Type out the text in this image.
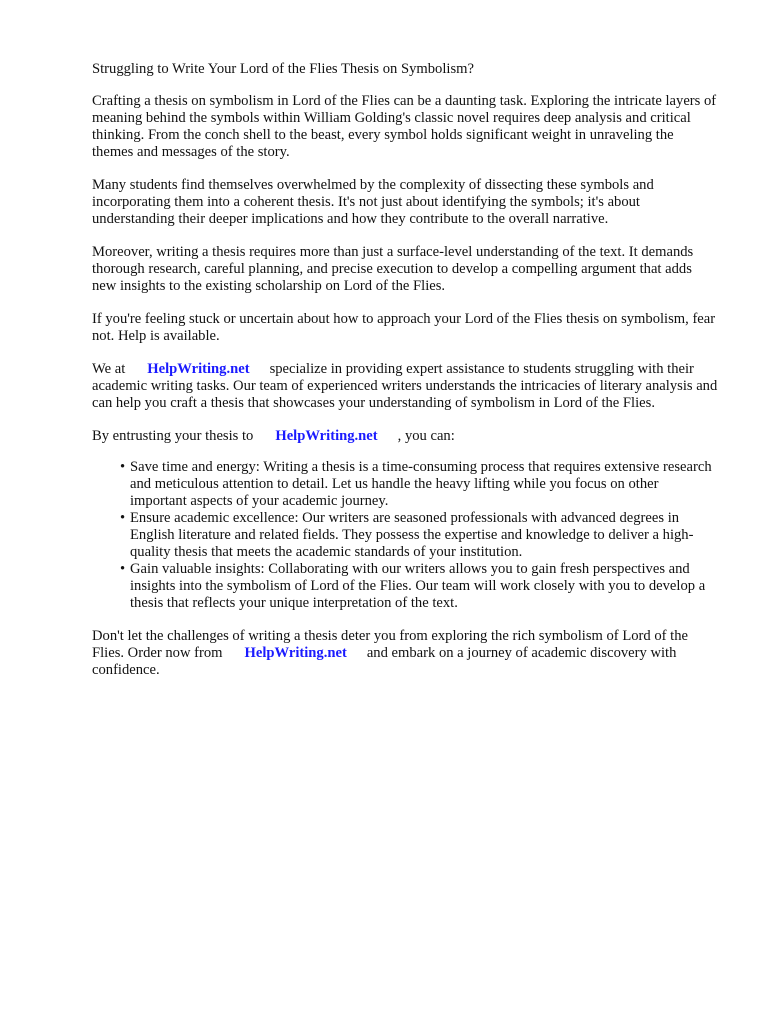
Struggling to Write Your Lord of the Flies Thesis on Symbolism?

Crafting a thesis on symbolism in Lord of the Flies can be a daunting task. Exploring the intricate layers of meaning behind the symbols within William Golding's classic novel requires deep analysis and critical thinking. From the conch shell to the beast, every symbol holds significant weight in unraveling the themes and messages of the story.

Many students find themselves overwhelmed by the complexity of dissecting these symbols and incorporating them into a coherent thesis. It's not just about identifying the symbols; it's about understanding their deeper implications and how they contribute to the overall narrative.

Moreover, writing a thesis requires more than just a surface-level understanding of the text. It demands thorough research, careful planning, and precise execution to develop a compelling argument that adds new insights to the existing scholarship on Lord of the Flies.

If you're feeling stuck or uncertain about how to approach your Lord of the Flies thesis on symbolism, fear not. Help is available.

We at HelpWriting.net specialize in providing expert assistance to students struggling with their academic writing tasks. Our team of experienced writers understands the intricacies of literary analysis and can help you craft a thesis that showcases your understanding of symbolism in Lord of the Flies.

By entrusting your thesis to HelpWriting.net , you can:

• Save time and energy: Writing a thesis is a time-consuming process that requires extensive research and meticulous attention to detail. Let us handle the heavy lifting while you focus on other important aspects of your academic journey.
• Ensure academic excellence: Our writers are seasoned professionals with advanced degrees in English literature and related fields. They possess the expertise and knowledge to deliver a high-quality thesis that meets the academic standards of your institution.
• Gain valuable insights: Collaborating with our writers allows you to gain fresh perspectives and insights into the symbolism of Lord of the Flies. Our team will work closely with you to develop a thesis that reflects your unique interpretation of the text.

Don't let the challenges of writing a thesis deter you from exploring the rich symbolism of Lord of the Flies. Order now from HelpWriting.net and embark on a journey of academic discovery with confidence.
